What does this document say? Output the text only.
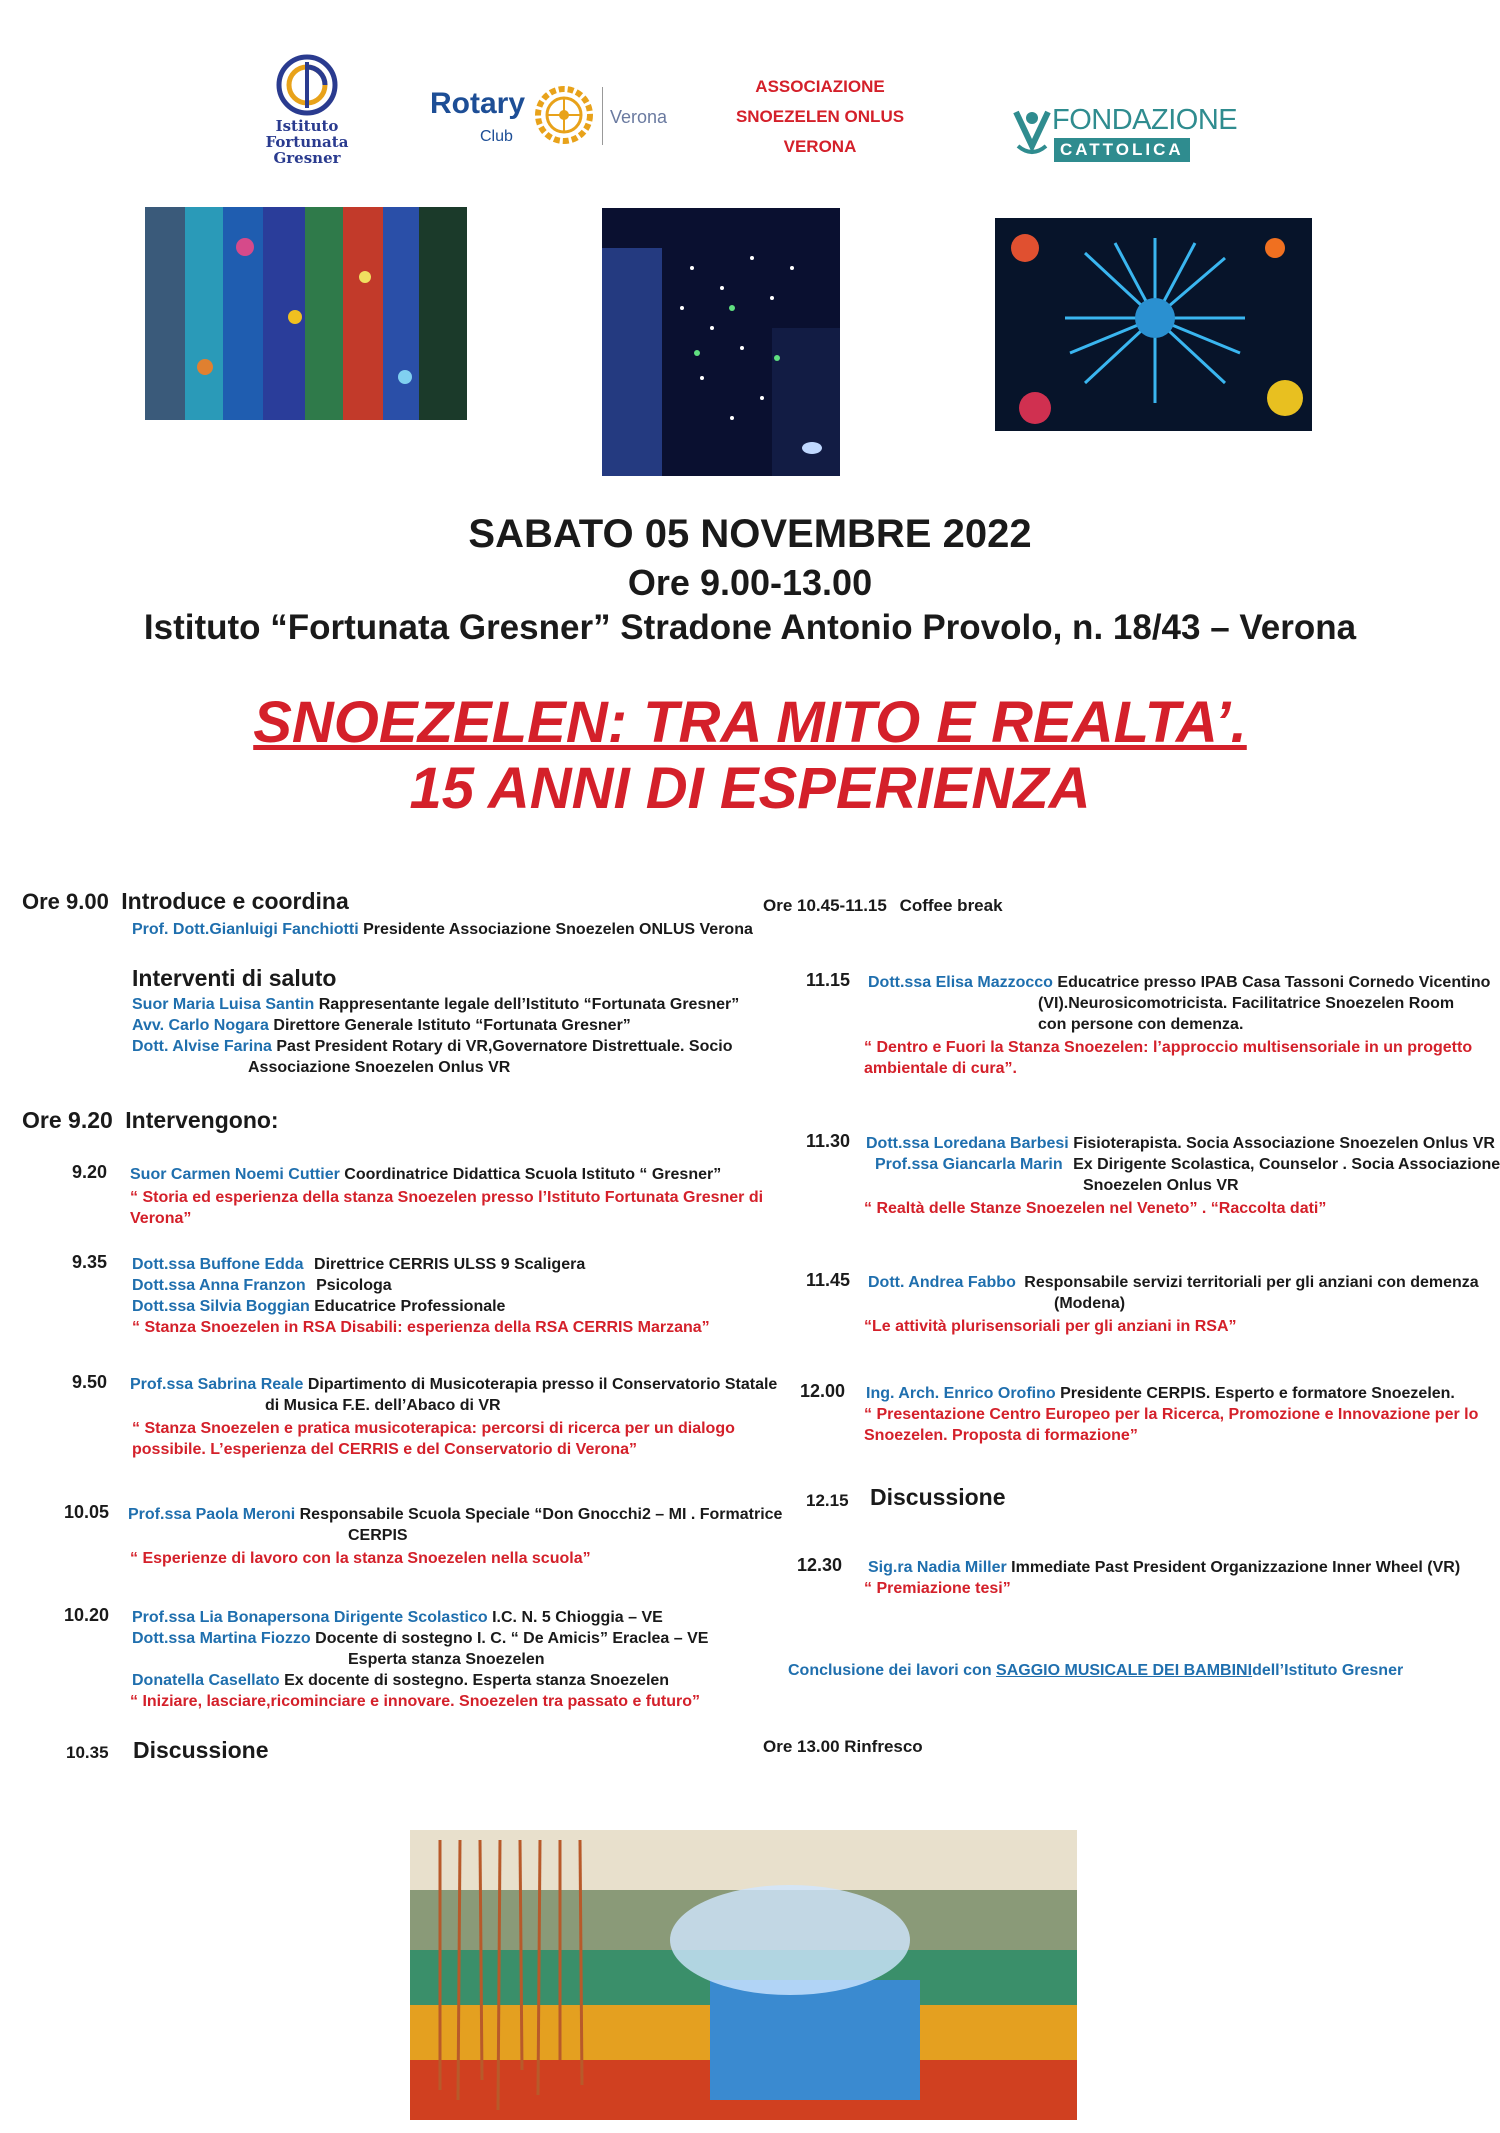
Istituto
Fortunata Gresner
Rotary
Club
Verona
ASSOCIAZIONE
SNOEZELEN ONLUS
VERONA
FONDAZIONE
CATTOLICA
SABATO 05 NOVEMBRE 2022
Ore 9.00-13.00
Istituto “Fortunata Gresner” Stradone Antonio Provolo, n. 18/43 – Verona
SNOEZELEN: TRA MITO E REALTA’.
15 ANNI DI ESPERIENZA
Ore 9.00 Introduce e coordina
Prof. Dott.Gianluigi Fanchiotti Presidente Associazione Snoezelen ONLUS Verona
Interventi di saluto
Suor Maria Luisa Santin Rappresentante legale dell’Istituto “Fortunata Gresner”
Avv. Carlo Nogara Direttore Generale Istituto “Fortunata Gresner”
Dott. Alvise Farina Past President Rotary di VR,Governatore Distrettuale. Socio
Associazione Snoezelen Onlus VR
Ore 9.20 Intervengono:
9.20 Suor Carmen Noemi Cuttier Coordinatrice Didattica Scuola Istituto “ Gresner”
“ Storia ed esperienza della stanza Snoezelen presso l’Istituto Fortunata Gresner di
Verona”
9.35 Dott.ssa Buffone Edda Direttrice CERRIS ULSS 9 Scaligera
Dott.ssa Anna Franzon Psicologa
Dott.ssa Silvia Boggian Educatrice Professionale
“ Stanza Snoezelen in RSA Disabili: esperienza della RSA CERRIS Marzana”
9.50 Prof.ssa Sabrina Reale Dipartimento di Musicoterapia presso il Conservatorio Statale
di Musica F.E. dell’Abaco di VR
“ Stanza Snoezelen e pratica musicoterapica: percorsi di ricerca per un dialogo
possibile. L’esperienza del CERRIS e del Conservatorio di Verona”
10.05 Prof.ssa Paola Meroni Responsabile Scuola Speciale “Don Gnocchi2 – MI . Formatrice
CERPIS
“ Esperienze di lavoro con la stanza Snoezelen nella scuola”
10.20 Prof.ssa Lia Bonapersona Dirigente Scolastico I.C. N. 5 Chioggia – VE
Dott.ssa Martina Fiozzo Docente di sostegno I. C. “ De Amicis” Eraclea – VE
Esperta stanza Snoezelen
Donatella Casellato Ex docente di sostegno. Esperta stanza Snoezelen
“ Iniziare, lasciare,ricominciare e innovare. Snoezelen tra passato e futuro”
10.35 Discussione
Ore 10.45-11.15 Coffee break
11.15 Dott.ssa Elisa Mazzocco Educatrice presso IPAB Casa Tassoni Cornedo Vicentino
(VI).Neurosicomotricista. Facilitatrice Snoezelen Room
con persone con demenza.
“ Dentro e Fuori la Stanza Snoezelen: l’approccio multisensoriale in un progetto
ambientale di cura”.
11.30 Dott.ssa Loredana Barbesi Fisioterapista. Socia Associazione Snoezelen Onlus VR
Prof.ssa Giancarla Marin Ex Dirigente Scolastica, Counselor . Socia Associazione
Snoezelen Onlus VR
“ Realtà delle Stanze Snoezelen nel Veneto” . “Raccolta dati”
11.45 Dott. Andrea Fabbo Responsabile servizi territoriali per gli anziani con demenza
(Modena)
“Le attività plurisensoriali per gli anziani in RSA”
12.00 Ing. Arch. Enrico Orofino Presidente CERPIS. Esperto e formatore Snoezelen.
“ Presentazione Centro Europeo per la Ricerca, Promozione e Innovazione per lo
Snoezelen. Proposta di formazione”
12.15 Discussione
12.30 Sig.ra Nadia Miller Immediate Past President Organizzazione Inner Wheel (VR)
“ Premiazione tesi”
Conclusione dei lavori con SAGGIO MUSICALE DEI BAMBINIdell’Istituto Gresner
Ore 13.00 Rinfresco
